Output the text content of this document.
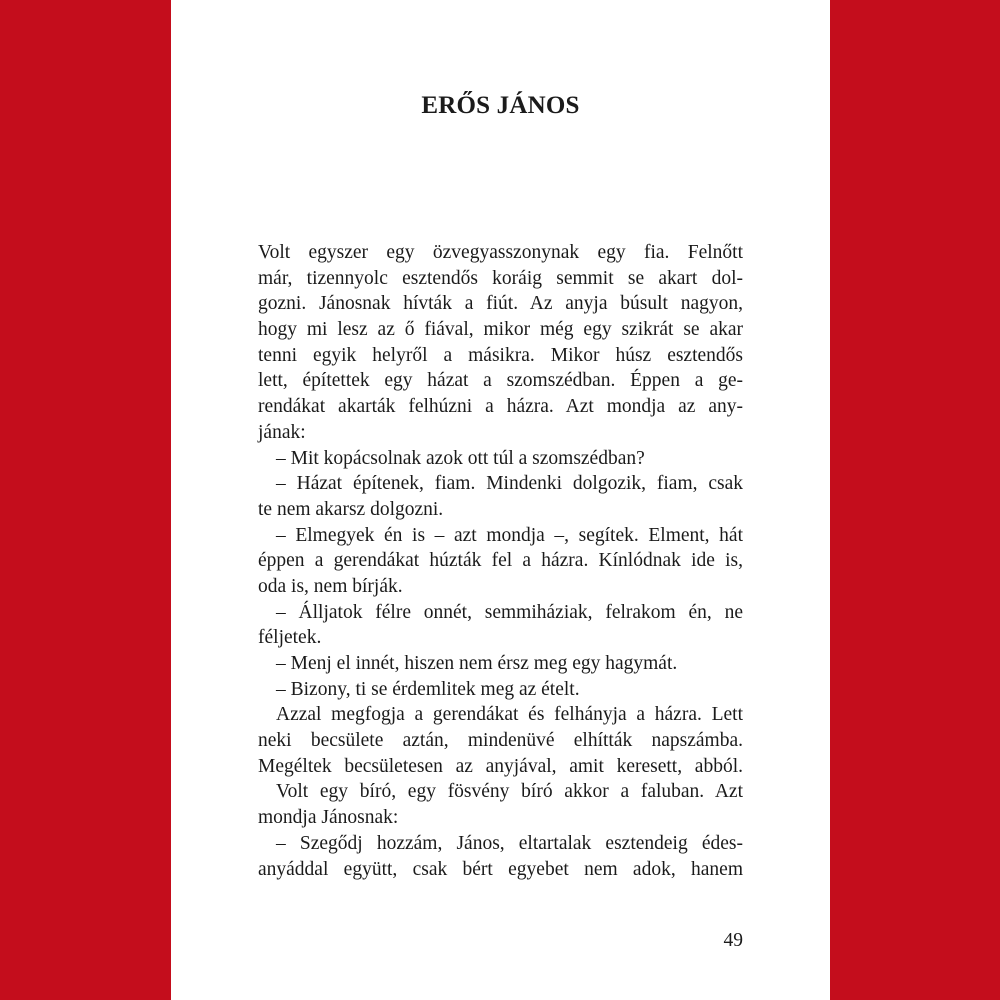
ERŐS JÁNOS
Volt egyszer egy özvegyasszonynak egy fia. Felnőtt
már, tizennyolc esztendős koráig semmit se akart dol-
gozni. Jánosnak hívták a fiút. Az anyja búsult nagyon,
hogy mi lesz az ő fiával, mikor még egy szikrát se akar
tenni egyik helyről a másikra. Mikor húsz esztendős
lett, építettek egy házat a szomszédban. Éppen a ge-
rendákat akarták felhúzni a házra. Azt mondja az any-
jának:
– Mit kopácsolnak azok ott túl a szomszédban?
– Házat építenek, fiam. Mindenki dolgozik, fiam, csak
te nem akarsz dolgozni.
– Elmegyek én is – azt mondja –, segítek. Elment, hát
éppen a gerendákat húzták fel a házra. Kínlódnak ide is,
oda is, nem bírják.
– Álljatok félre onnét, semmiháziak, felrakom én, ne
féljetek.
– Menj el innét, hiszen nem érsz meg egy hagymát.
– Bizony, ti se érdemlitek meg az ételt.
Azzal megfogja a gerendákat és felhányja a házra. Lett
neki becsülete aztán, mindenüvé elhítták napszámba.
Megéltek becsületesen az anyjával, amit keresett, abból.
Volt egy bíró, egy fösvény bíró akkor a faluban. Azt
mondja Jánosnak:
– Szegődj hozzám, János, eltartalak esztendeig édes-
anyáddal együtt, csak bért egyebet nem adok, hanem
49
